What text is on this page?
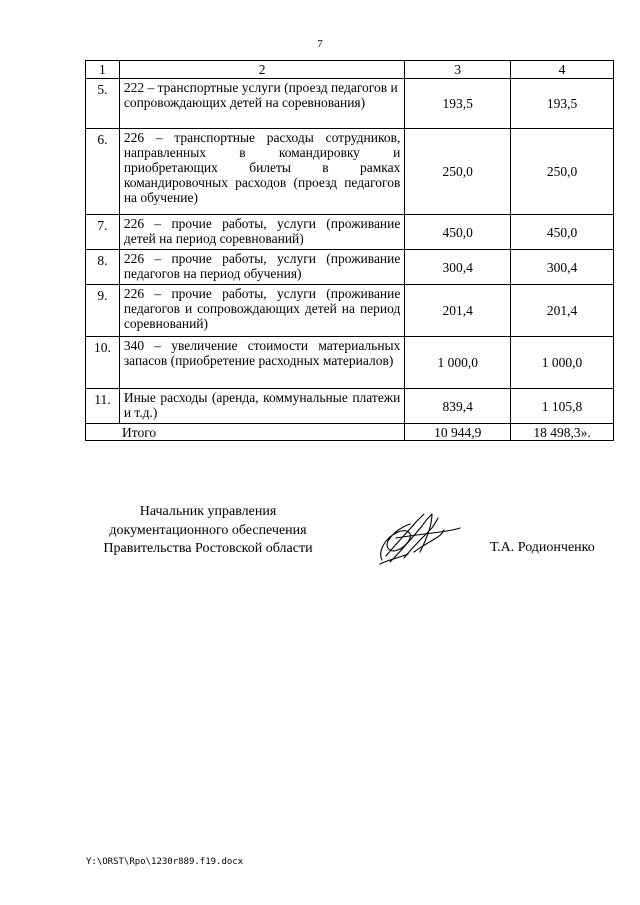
7
1	2	3	4
5.	222 – транспортные услуги (проезд педагогов и сопровождающих детей на соревнования)	193,5	193,5
6.	226 – транспортные расходы сотрудников, направленных в командировку и приобретающих билеты в рамках командировочных расходов (проезд педагогов на обучение)	250,0	250,0
7.	226 – прочие работы, услуги (проживание детей на период соревнований)	450,0	450,0
8.	226 – прочие работы, услуги (проживание педагогов на период обучения)	300,4	300,4
9.	226 – прочие работы, услуги (проживание педагогов и сопровождающих детей на период соревнований)	201,4	201,4
10.	340 – увеличение стоимости материальных запасов (приобретение расходных материалов)	1 000,0	1 000,0
11.	Иные расходы (аренда, коммунальные платежи и т.д.)	839,4	1 105,8
Итого		10 944,9	18 498,3».
Начальник управления
документационного обеспечения
Правительства Ростовской области	Т.А. Родионченко
Y:\ORST\Rpo\1230r889.f19.docx
